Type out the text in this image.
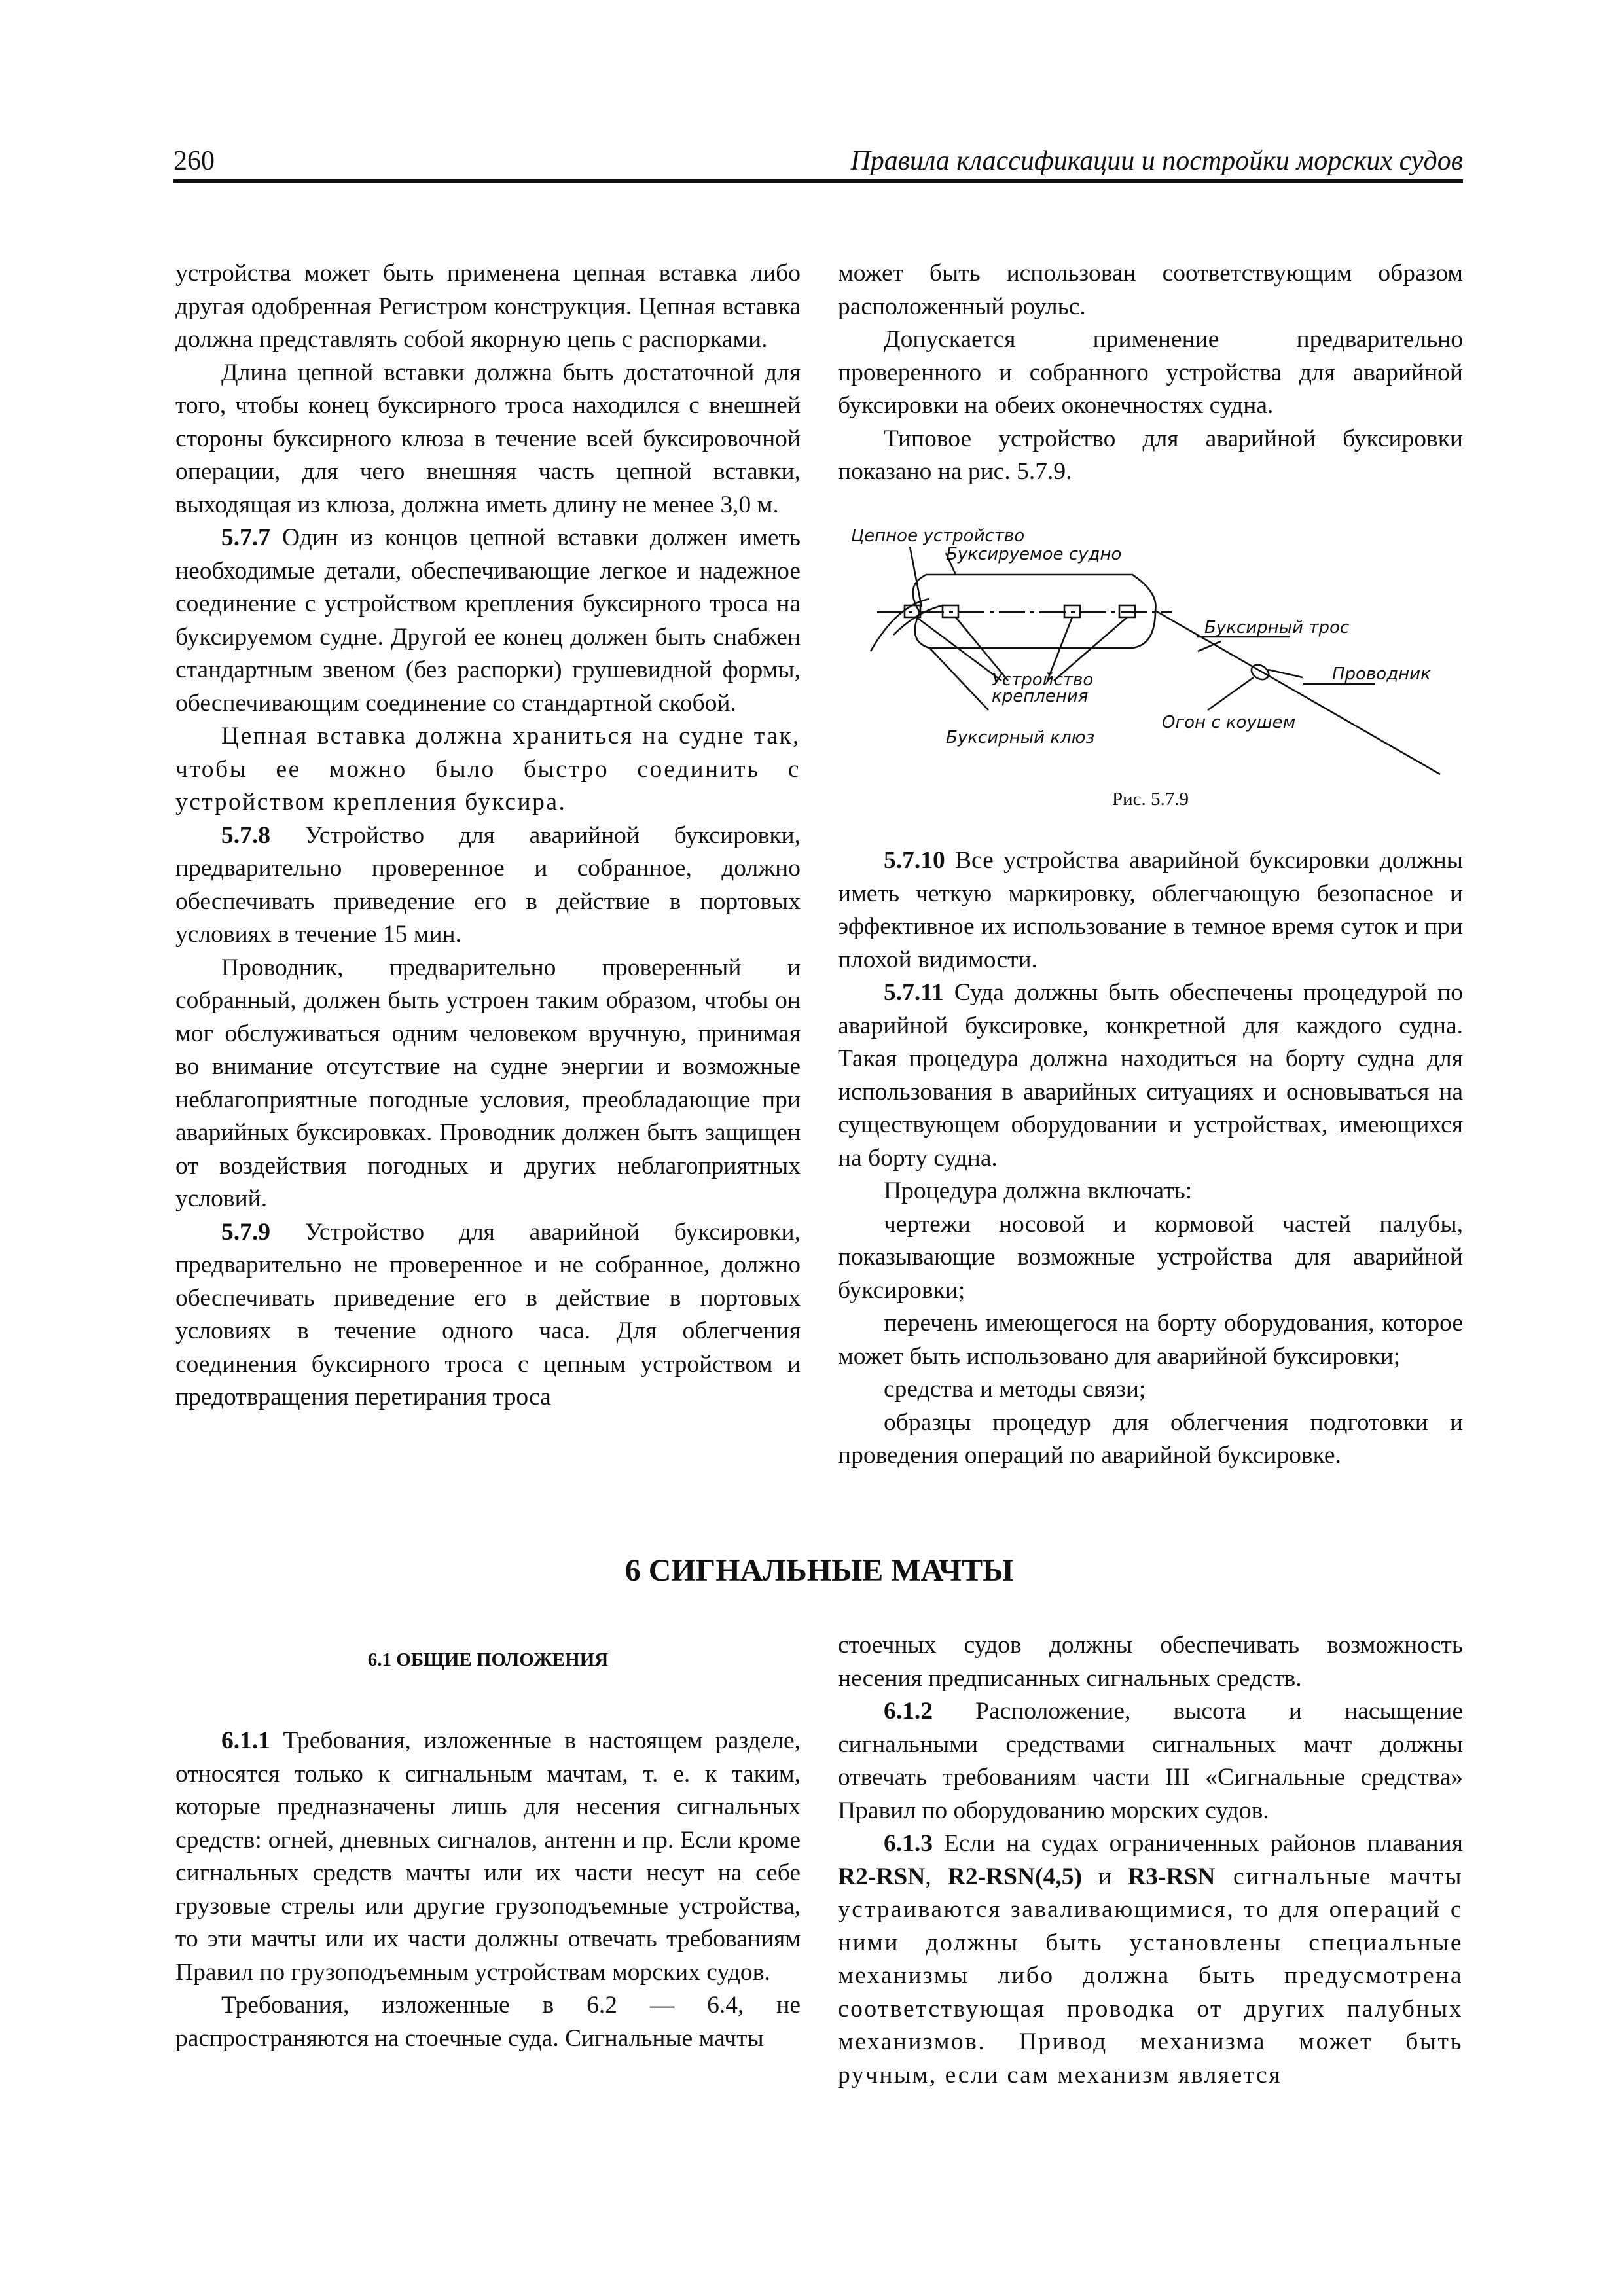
260	Правила классификации и постройки морских судов

устройства может быть применена цепная вставка либо другая одобренная Регистром конструкция. Цепная вставка должна представлять собой якорную цепь с распорками.

Длина цепной вставки должна быть достаточной для того, чтобы конец буксирного троса находился с внешней стороны буксирного клюза в течение всей буксировочной операции, для чего внешняя часть цепной вставки, выходящая из клюза, должна иметь длину не менее 3,0 м.

5.7.7 Один из концов цепной вставки должен иметь необходимые детали, обеспечивающие легкое и надежное соединение с устройством крепления буксирного троса на буксируемом судне. Другой ее конец должен быть снабжен стандартным звеном (без распорки) грушевидной формы, обеспечивающим соединение со стандартной скобой.

Цепная вставка должна храниться на судне так, чтобы ее можно было быстро соединить с устройством крепления буксира.

5.7.8 Устройство для аварийной буксировки, предварительно проверенное и собранное, должно обеспечивать приведение его в действие в портовых условиях в течение 15 мин.

Проводник, предварительно проверенный и собранный, должен быть устроен таким образом, чтобы он мог обслуживаться одним человеком вручную, принимая во внимание отсутствие на судне энергии и возможные неблагоприятные погодные условия, преобладающие при аварийных буксировках. Проводник должен быть защищен от воздействия погодных и других неблагоприятных условий.

5.7.9 Устройство для аварийной буксировки, предварительно не проверенное и не собранное, должно обеспечивать приведение его в действие в портовых условиях в течение одного часа. Для облегчения соединения буксирного троса с цепным устройством и предотвращения перетирания троса

может быть использован соответствующим образом расположенный роульс.

Допускается применение предварительно проверенного и собранного устройства для аварийной буксировки на обеих оконечностях судна.

Типовое устройство для аварийной буксировки показано на рис. 5.7.9.

Цепное устройство
Буксируемое судно
Буксирный трос
Проводник
Устройство
крепления
Огон с коушем
Буксирный клюз
Рис. 5.7.9

5.7.10 Все устройства аварийной буксировки должны иметь четкую маркировку, облегчающую безопасное и эффективное их использование в темное время суток и при плохой видимости.

5.7.11 Суда должны быть обеспечены процедурой по аварийной буксировке, конкретной для каждого судна. Такая процедура должна находиться на борту судна для использования в аварийных ситуациях и основываться на существующем оборудовании и устройствах, имеющихся на борту судна.

Процедура должна включать:

чертежи носовой и кормовой частей палубы, показывающие возможные устройства для аварийной буксировки;

перечень имеющегося на борту оборудования, которое может быть использовано для аварийной буксировки;

средства и методы связи;

образцы процедур для облегчения подготовки и проведения операций по аварийной буксировке.

6 СИГНАЛЬНЫЕ МАЧТЫ
6.1 ОБЩИЕ ПОЛОЖЕНИЯ

6.1.1 Требования, изложенные в настоящем разделе, относятся только к сигнальным мачтам, т. е. к таким, которые предназначены лишь для несения сигнальных средств: огней, дневных сигналов, антенн и пр. Если кроме сигнальных средств мачты или их части несут на себе грузовые стрелы или другие грузоподъемные устройства, то эти мачты или их части должны отвечать требованиям Правил по грузоподъемным устройствам морских судов.

Требования, изложенные в 6.2 — 6.4, не распространяются на стоечные суда. Сигнальные мачты

стоечных судов должны обеспечивать возможность несения предписанных сигнальных средств.

6.1.2 Расположение, высота и насыщение сигнальными средствами сигнальных мачт должны отвечать требованиям части III «Сигнальные средства» Правил по оборудованию морских судов.

6.1.3 Если на судах ограниченных районов плавания R2-RSN, R2-RSN(4,5) и R3-RSN сигнальные мачты устраиваются заваливающимися, то для операций с ними должны быть установлены специальные механизмы либо должна быть предусмотрена соответствующая проводка от других палубных механизмов. Привод механизма может быть ручным, если сам механизм является
